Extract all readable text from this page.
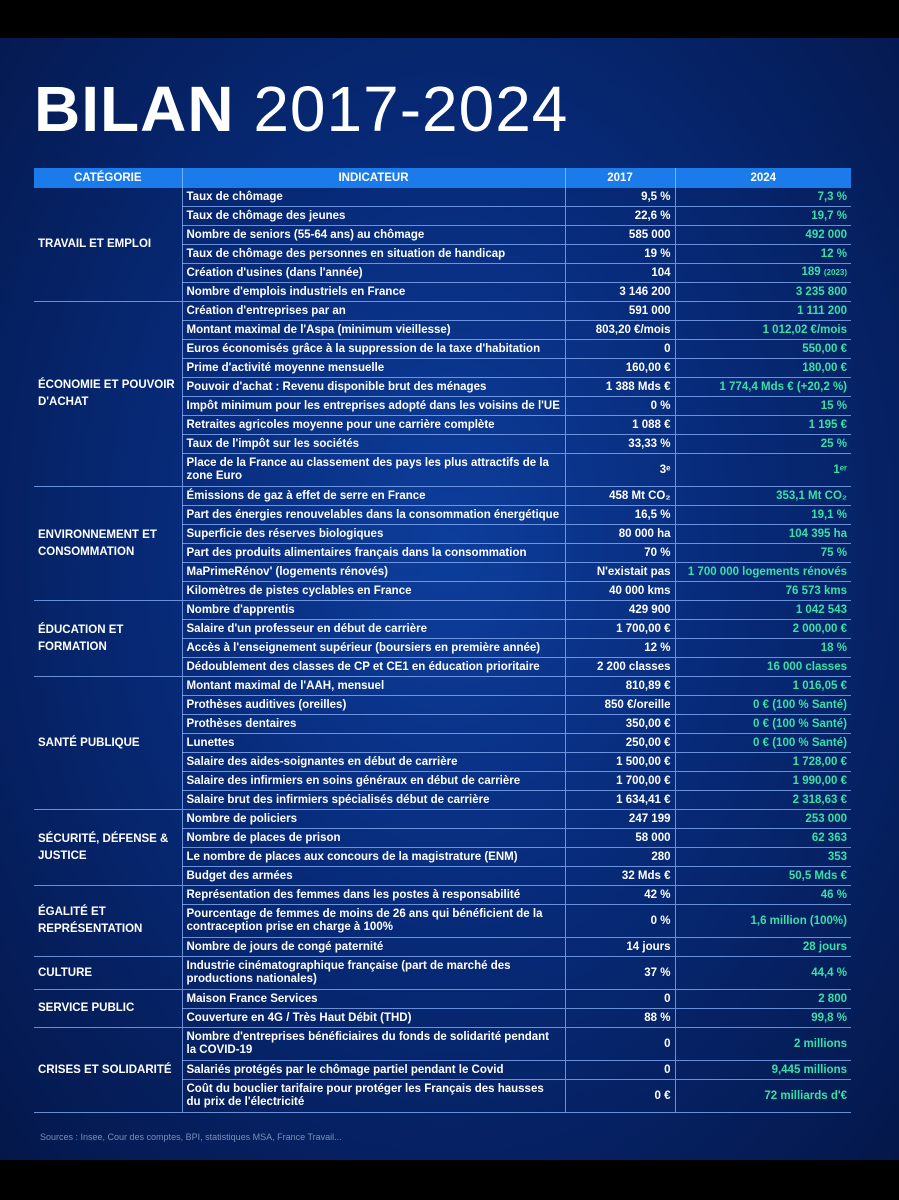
BILAN 2017-2024
CATÉGORIE	INDICATEUR	2017	2024
TRAVAIL ET EMPLOI	Taux de chômage	9,5 %	7,3 %
	Taux de chômage des jeunes	22,6 %	19,7 %
	Nombre de seniors (55-64 ans) au chômage	585 000	492 000
	Taux de chômage des personnes en situation de handicap	19 %	12 %
	Création d'usines (dans l'année)	104	189 (2023)
	Nombre d'emplois industriels en France	3 146 200	3 235 800
ÉCONOMIE ET POUVOIR D'ACHAT	Création d'entreprises par an	591 000	1 111 200
	Montant maximal de l'Aspa (minimum vieillesse)	803,20 €/mois	1 012,02 €/mois
	Euros économisés grâce à la suppression de la taxe d'habitation	0	550,00 €
	Prime d'activité moyenne mensuelle	160,00 €	180,00 €
	Pouvoir d'achat : Revenu disponible brut des ménages	1 388 Mds €	1 774,4 Mds € (+20,2 %)
	Impôt minimum pour les entreprises adopté dans les voisins de l'UE	0 %	15 %
	Retraites agricoles moyenne pour une carrière complète	1 088 €	1 195 €
	Taux de l'impôt sur les sociétés	33,33 %	25 %
	Place de la France au classement des pays les plus attractifs de la zone Euro	3ᵉ	1ᵉʳ
ENVIRONNEMENT ET CONSOMMATION	Émissions de gaz à effet de serre en France	458 Mt CO₂	353,1 Mt CO₂
	Part des énergies renouvelables dans la consommation énergétique	16,5 %	19,1 %
	Superficie des réserves biologiques	80 000 ha	104 395 ha
	Part des produits alimentaires français dans la consommation	70 %	75 %
	MaPrimeRénov' (logements rénovés)	N'existait pas	1 700 000 logements rénovés
	Kilomètres de pistes cyclables en France	40 000 kms	76 573 kms
ÉDUCATION ET FORMATION	Nombre d'apprentis	429 900	1 042 543
	Salaire d'un professeur en début de carrière	1 700,00 €	2 000,00 €
	Accès à l'enseignement supérieur (boursiers en première année)	12 %	18 %
	Dédoublement des classes de CP et CE1 en éducation prioritaire	2 200 classes	16 000 classes
SANTÉ PUBLIQUE	Montant maximal de l'AAH, mensuel	810,89 €	1 016,05 €
	Prothèses auditives (oreilles)	850 €/oreille	0 € (100 % Santé)
	Prothèses dentaires	350,00 €	0 € (100 % Santé)
	Lunettes	250,00 €	0 € (100 % Santé)
	Salaire des aides-soignantes en début de carrière	1 500,00 €	1 728,00 €
	Salaire des infirmiers en soins généraux en début de carrière	1 700,00 €	1 990,00 €
	Salaire brut des infirmiers spécialisés début de carrière	1 634,41 €	2 318,63 €
SÉCURITÉ, DÉFENSE & JUSTICE	Nombre de policiers	247 199	253 000
	Nombre de places de prison	58 000	62 363
	Le nombre de places aux concours de la magistrature (ENM)	280	353
	Budget des armées	32 Mds €	50,5 Mds €
ÉGALITÉ ET REPRÉSENTATION	Représentation des femmes dans les postes à responsabilité	42 %	46 %
	Pourcentage de femmes de moins de 26 ans qui bénéficient de la contraception prise en charge à 100%	0 %	1,6 million (100%)
	Nombre de jours de congé paternité	14 jours	28 jours
CULTURE	Industrie cinématographique française (part de marché des productions nationales)	37 %	44,4 %
SERVICE PUBLIC	Maison France Services	0	2 800
	Couverture en 4G / Très Haut Débit (THD)	88 %	99,8 %
CRISES ET SOLIDARITÉ	Nombre d'entreprises bénéficiaires du fonds de solidarité pendant la COVID-19	0	2 millions
	Salariés protégés par le chômage partiel pendant le Covid	0	9,445 millions
	Coût du bouclier tarifaire pour protéger les Français des hausses du prix de l'électricité	0 €	72 milliards d'€
Sources : Insee, Cour des comptes, BPI, statistiques MSA, France Travail...
